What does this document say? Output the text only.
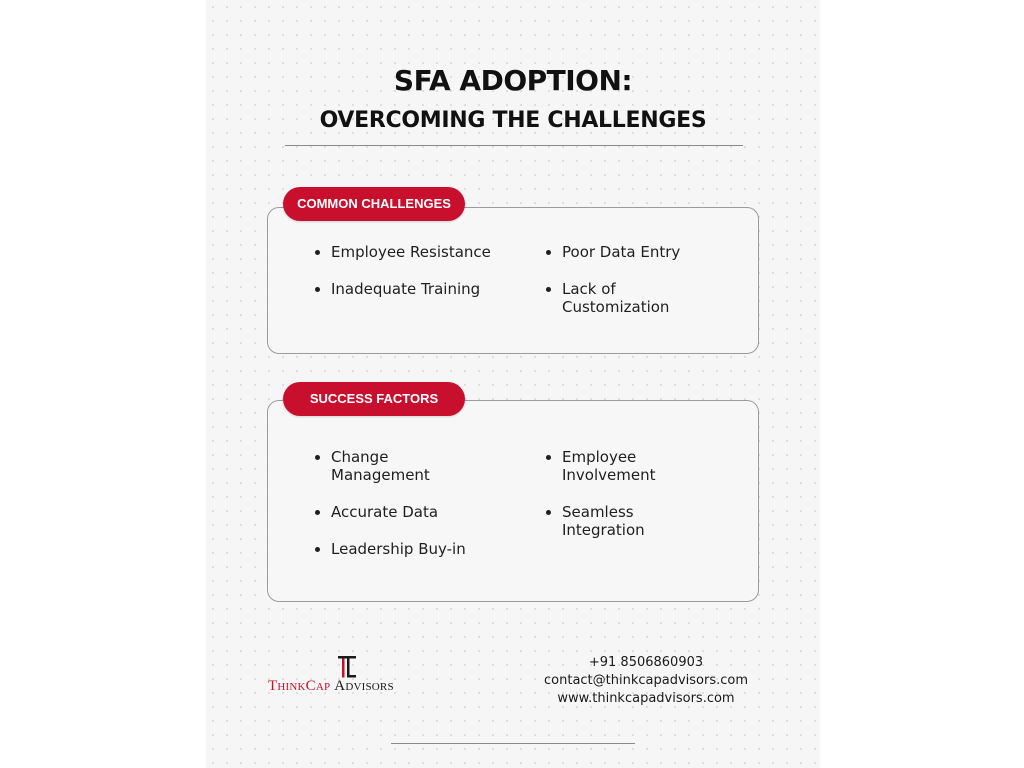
SFA ADOPTION:
OVERCOMING THE CHALLENGES
COMMON CHALLENGES
Employee Resistance
Inadequate Training
Poor Data Entry
Lack of Customization
SUCCESS FACTORS
Change Management
Accurate Data
Leadership Buy-in
Employee Involvement
Seamless Integration
ThinkCap Advisors
+91 8506860903
contact@thinkcapadvisors.com
www.thinkcapadvisors.com
